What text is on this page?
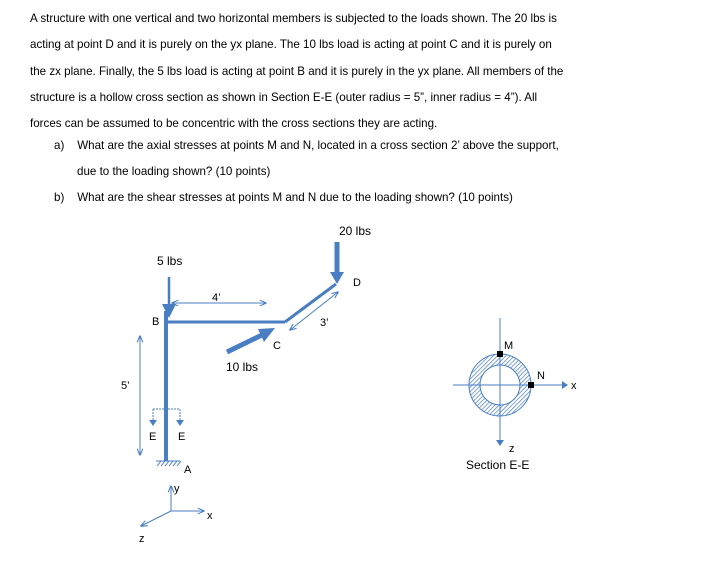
A structure with one vertical and two horizontal members is subjected to the loads shown. The 20 lbs is
acting at point D and it is purely on the yx plane. The 10 lbs load is acting at point C and it is purely on
the zx plane. Finally, the 5 lbs load is acting at point B and it is purely in the yx plane. All members of the
structure is a hollow cross section as shown in Section E-E (outer radius = 5”, inner radius = 4”). All
forces can be assumed to be concentric with the cross sections they are acting.
a) What are the axial stresses at points M and N, located in a cross section 2’ above the support,
due to the loading shown? (10 points)
b) What are the shear stresses at points M and N due to the loading shown? (10 points)
20 lbs
5 lbs
10 lbs
B
C
D
A
4’
3’
5’
E E
y
x
z
M
N
x
z
Section E-E
